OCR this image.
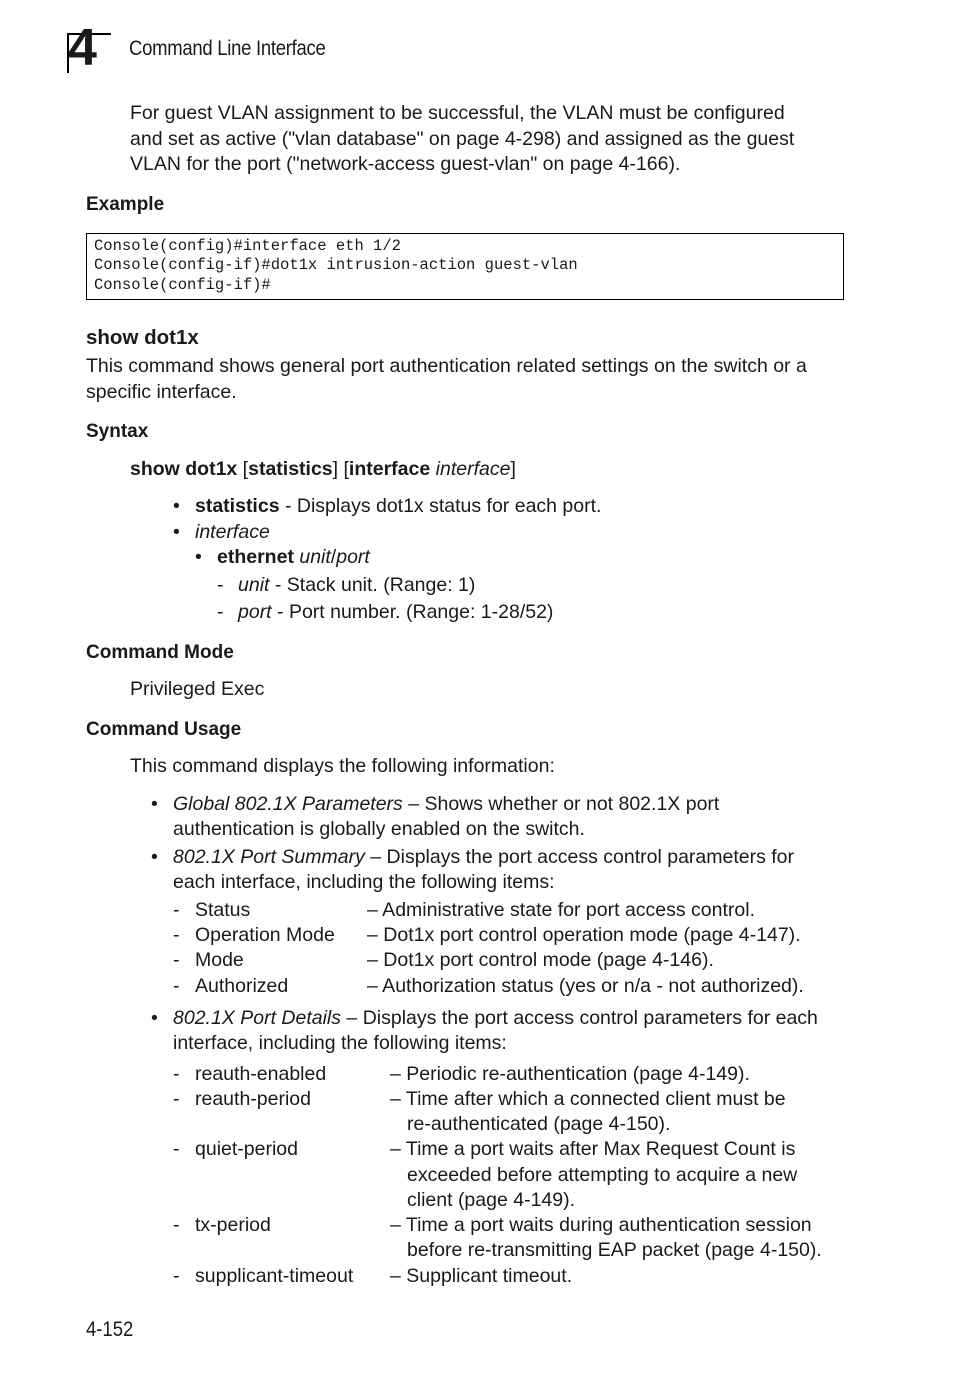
4 Command Line Interface
For guest VLAN assignment to be successful, the VLAN must be configured
and set as active ("vlan database" on page 4-298) and assigned as the guest
VLAN for the port ("network-access guest-vlan" on page 4-166).
Example
Console(config)#interface eth 1/2
Console(config-if)#dot1x intrusion-action guest-vlan
Console(config-if)#
show dot1x
This command shows general port authentication related settings on the switch or a
specific interface.
Syntax
show dot1x [statistics] [interface interface]
• statistics - Displays dot1x status for each port.
• interface
• ethernet unit/port
- unit - Stack unit. (Range: 1)
- port - Port number. (Range: 1-28/52)
Command Mode
Privileged Exec
Command Usage
This command displays the following information:
• Global 802.1X Parameters – Shows whether or not 802.1X port
authentication is globally enabled on the switch.
• 802.1X Port Summary – Displays the port access control parameters for
each interface, including the following items:
- Status	– Administrative state for port access control.
- Operation Mode – Dot1x port control operation mode (page 4-147).
- Mode	– Dot1x port control mode (page 4-146).
- Authorized	– Authorization status (yes or n/a - not authorized).
• 802.1X Port Details – Displays the port access control parameters for each
interface, including the following items:
- reauth-enabled	– Periodic re-authentication (page 4-149).
- reauth-period	– Time after which a connected client must be
re-authenticated (page 4-150).
- quiet-period	– Time a port waits after Max Request Count is
exceeded before attempting to acquire a new
client (page 4-149).
- tx-period	– Time a port waits during authentication session
before re-transmitting EAP packet (page 4-150).
- supplicant-timeout – Supplicant timeout.
4-152
